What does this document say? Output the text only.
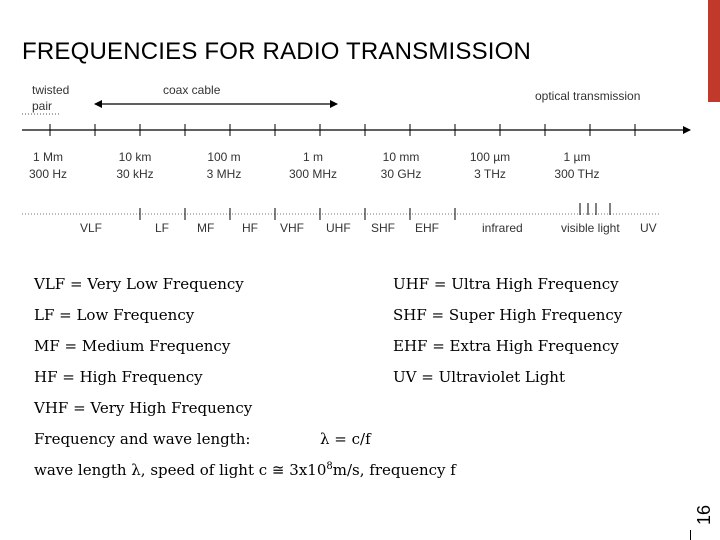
FREQUENCIES FOR RADIO TRANSMISSION
16
twisted
pair
coax cable	optical transmission
1 Mm
300 Hz
10 km
30 kHz
100 m
3 MHz
1 m
300 MHz
10 mm
30 GHz
100 µm
3 THz
1 µm
300 THz
VLF	LF MF HF VHF UHF SHF EHF	infrared	visible light UV
VLF = Very Low Frequency
LF = Low Frequency
MF = Medium Frequency
HF = High Frequency
VHF = Very High Frequency
UHF = Ultra High Frequency
SHF = Super High Frequency
EHF = Extra High Frequency
UV = Ultraviolet Light
Frequency and wave length:	λ = c/f
wave length λ, speed of light c ≅ $3x10^8m/s$, frequency f
